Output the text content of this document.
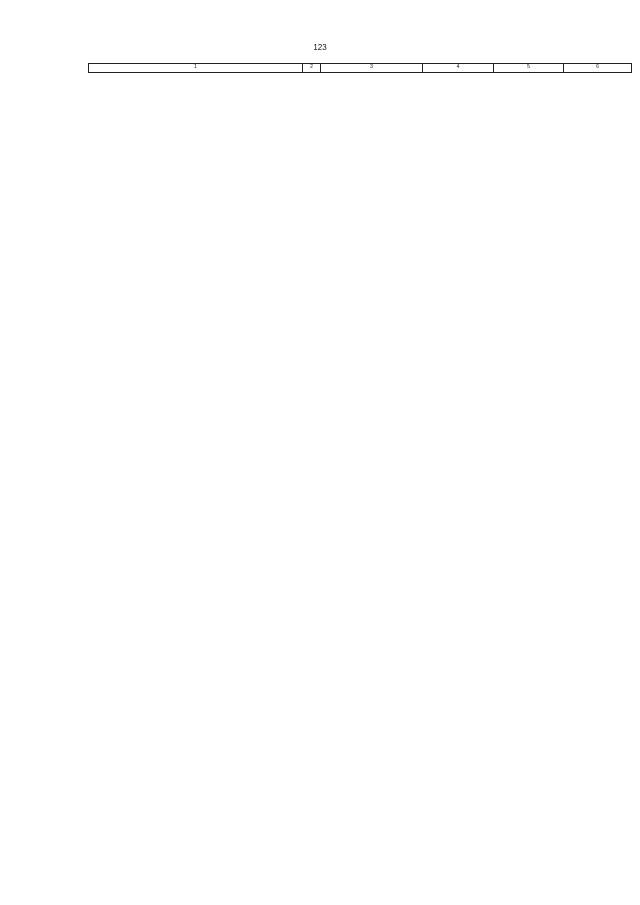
123
1	2	3	4	5	6
